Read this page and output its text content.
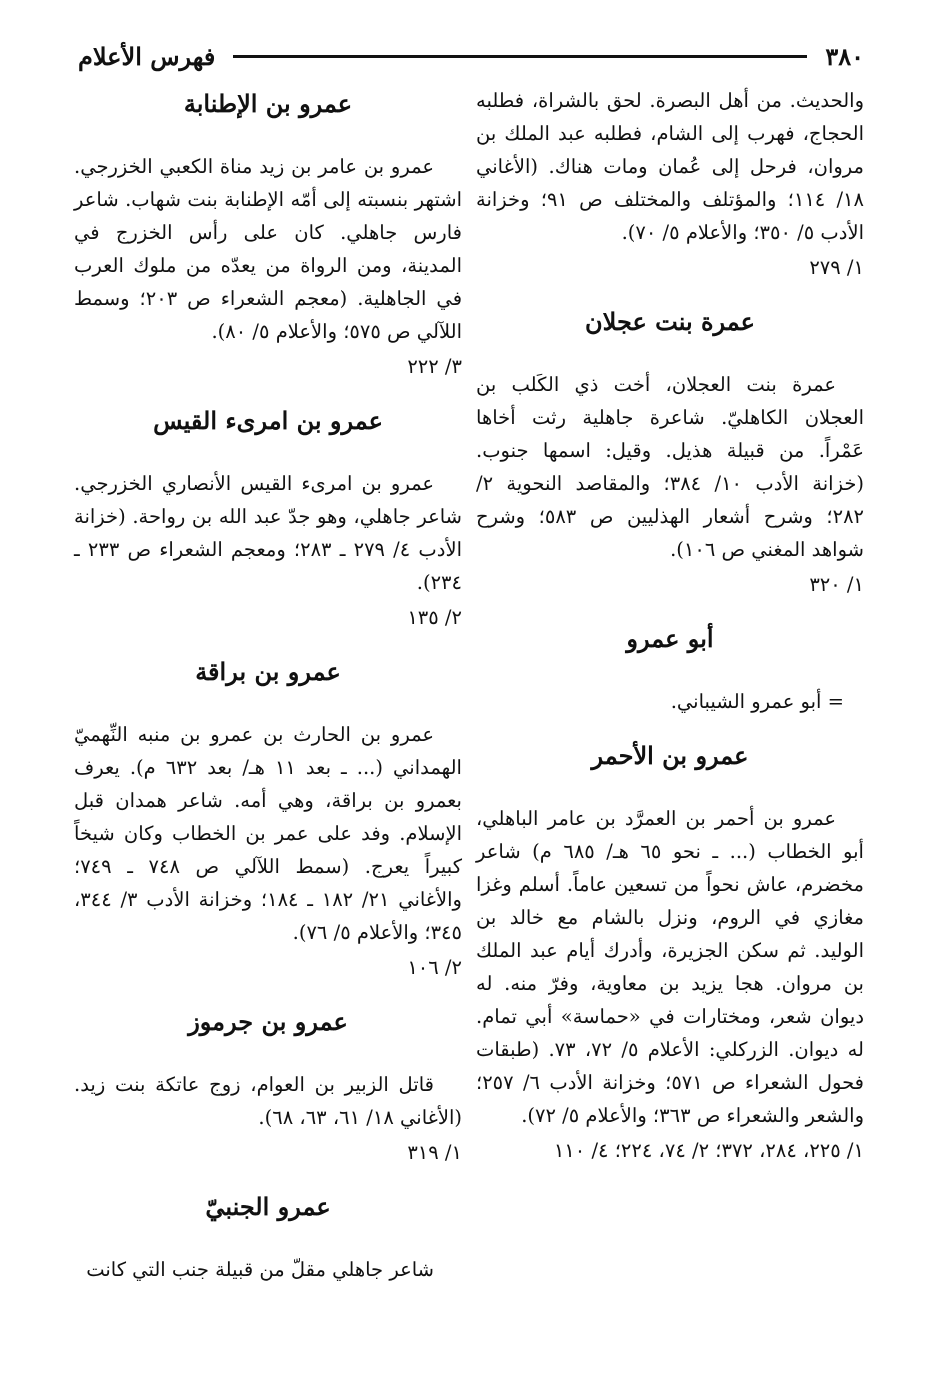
٣٨٠
فهرس الأعلام

والحديث. من أهل البصرة. لحق بالشراة، فطلبه الحجاج، فهرب إلى الشام، فطلبه عبد الملك بن مروان، فرحل إلى عُمان ومات هناك. (الأغاني ١٨/ ١١٤؛ والمؤتلف والمختلف ص ٩١؛ وخزانة الأدب ٥/ ٣٥٠؛ والأعلام ٥/ ٧٠).

١/ ٢٧٩

عمرة بنت عجلان

عمرة بنت العجلان، أخت ذي الكَلب بن العجلان الكاهليّ. شاعرة جاهلية رثت أخاها عَمْراً. من قبيلة هذيل. وقيل: اسمها جنوب. (خزانة الأدب ١٠/ ٣٨٤؛ والمقاصد النحوية ٢/ ٢٨٢؛ وشرح أشعار الهذليين ص ٥٨٣؛ وشرح شواهد المغني ص ١٠٦).

١/ ٣٢٠

أبو عمرو

= أبو عمرو الشيباني.

عمرو بن الأحمر

عمرو بن أحمر بن العمرَّد بن عامر الباهلي، أبو الخطاب (... ـ نحو ٦٥ هـ/ ٦٨٥ م) شاعر مخضرم، عاش نحواً من تسعين عاماً. أسلم وغزا مغازي في الروم، ونزل بالشام مع خالد بن الوليد. ثم سكن الجزيرة، وأدرك أيام عبد الملك بن مروان. هجا يزيد بن معاوية، وفرّ منه. له ديوان شعر، ومختارات في «حماسة» أبي تمام. له ديوان. الزركلي: الأعلام ٥/ ٧٢، ٧٣. (طبقات فحول الشعراء ص ٥٧١؛ وخزانة الأدب ٦/ ٢٥٧؛ والشعر والشعراء ص ٣٦٣؛ والأعلام ٥/ ٧٢).

١/ ٢٢٥، ٢٨٤، ٣٧٢؛ ٢/ ٧٤، ٢٢٤؛ ٤/ ١١٠

عمرو بن الإطنابة

عمرو بن عامر بن زيد مناة الكعبي الخزرجي. اشتهر بنسبته إلى أمّه الإطنابة بنت شهاب. شاعر فارس جاهلي. كان على رأس الخزرج في المدينة، ومن الرواة من يعدّه من ملوك العرب في الجاهلية. (معجم الشعراء ص ٢٠٣؛ وسمط اللآلي ص ٥٧٥؛ والأعلام ٥/ ٨٠).

٣/ ٢٢٢

عمرو بن امرىء القيس

عمرو بن امرىء القيس الأنصاري الخزرجي. شاعر جاهلي، وهو جدّ عبد الله بن رواحة. (خزانة الأدب ٤/ ٢٧٩ ـ ٢٨٣؛ ومعجم الشعراء ص ٢٣٣ ـ ٢٣٤).

٢/ ١٣٥

عمرو بن براقة

عمرو بن الحارث بن عمرو بن منبه النِّهميّ الهمداني (... ـ بعد ١١ هـ/ بعد ٦٣٢ م). يعرف بعمرو بن براقة، وهي أمه. شاعر همدان قبل الإسلام. وفد على عمر بن الخطاب وكان شيخاً كبيراً يعرج. (سمط اللآلي ص ٧٤٨ ـ ٧٤٩؛ والأغاني ٢١/ ١٨٢ ـ ١٨٤؛ وخزانة الأدب ٣/ ٣٤٤، ٣٤٥؛ والأعلام ٥/ ٧٦).

٢/ ١٠٦

عمرو بن جرموز

قاتل الزبير بن العوام، زوج عاتكة بنت زيد. (الأغاني ١٨/ ٦١، ٦٣، ٦٨).

١/ ٣١٩

عمرو الجنبيّ

شاعر جاهلي مقلّ من قبيلة جنب التي كانت
